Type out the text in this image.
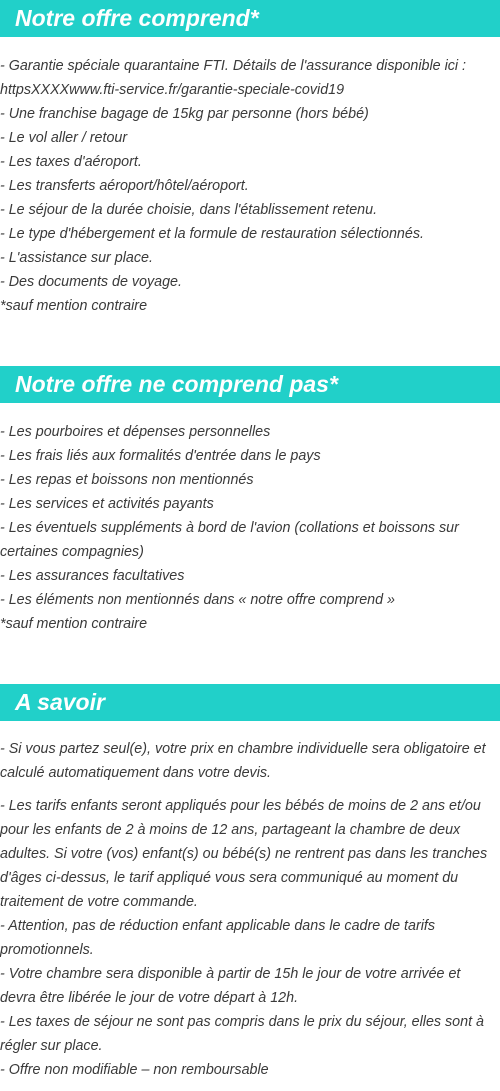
Notre offre comprend*
- Garantie spéciale quarantaine FTI. Détails de l'assurance disponible ici :
httpsXXXXwww.fti-service.fr/garantie-speciale-covid19
- Une franchise bagage de 15kg par personne (hors bébé)
- Le vol aller / retour
- Les taxes d'aéroport.
- Les transferts aéroport/hôtel/aéroport.
- Le séjour de la durée choisie, dans l'établissement retenu.
- Le type d'hébergement et la formule de restauration sélectionnés.
- L'assistance sur place.
- Des documents de voyage.
*sauf mention contraire
Notre offre ne comprend pas*
- Les pourboires et dépenses personnelles
- Les frais liés aux formalités d'entrée dans le pays
- Les repas et boissons non mentionnés
- Les services et activités payants
- Les éventuels suppléments à bord de l'avion (collations et boissons sur certaines compagnies)
- Les assurances facultatives
- Les éléments non mentionnés dans « notre offre comprend »
*sauf mention contraire
A savoir

- Si vous partez seul(e), votre prix en chambre individuelle sera obligatoire et calculé automatiquement dans votre devis.

- Les tarifs enfants seront appliqués pour les bébés de moins de 2 ans et/ou pour les enfants de 2 à moins de 12 ans, partageant la chambre de deux adultes. Si votre (vos) enfant(s) ou bébé(s) ne rentrent pas dans les tranches d'âges ci-dessus, le tarif appliqué vous sera communiqué au moment du traitement de votre commande.

- Attention, pas de réduction enfant applicable dans le cadre de tarifs promotionnels.

- Votre chambre sera disponible à partir de 15h le jour de votre arrivée et devra être libérée le jour de votre départ à 12h.

- Les taxes de séjour ne sont pas compris dans le prix du séjour, elles sont à régler sur place.

- Offre non modifiable – non remboursable
